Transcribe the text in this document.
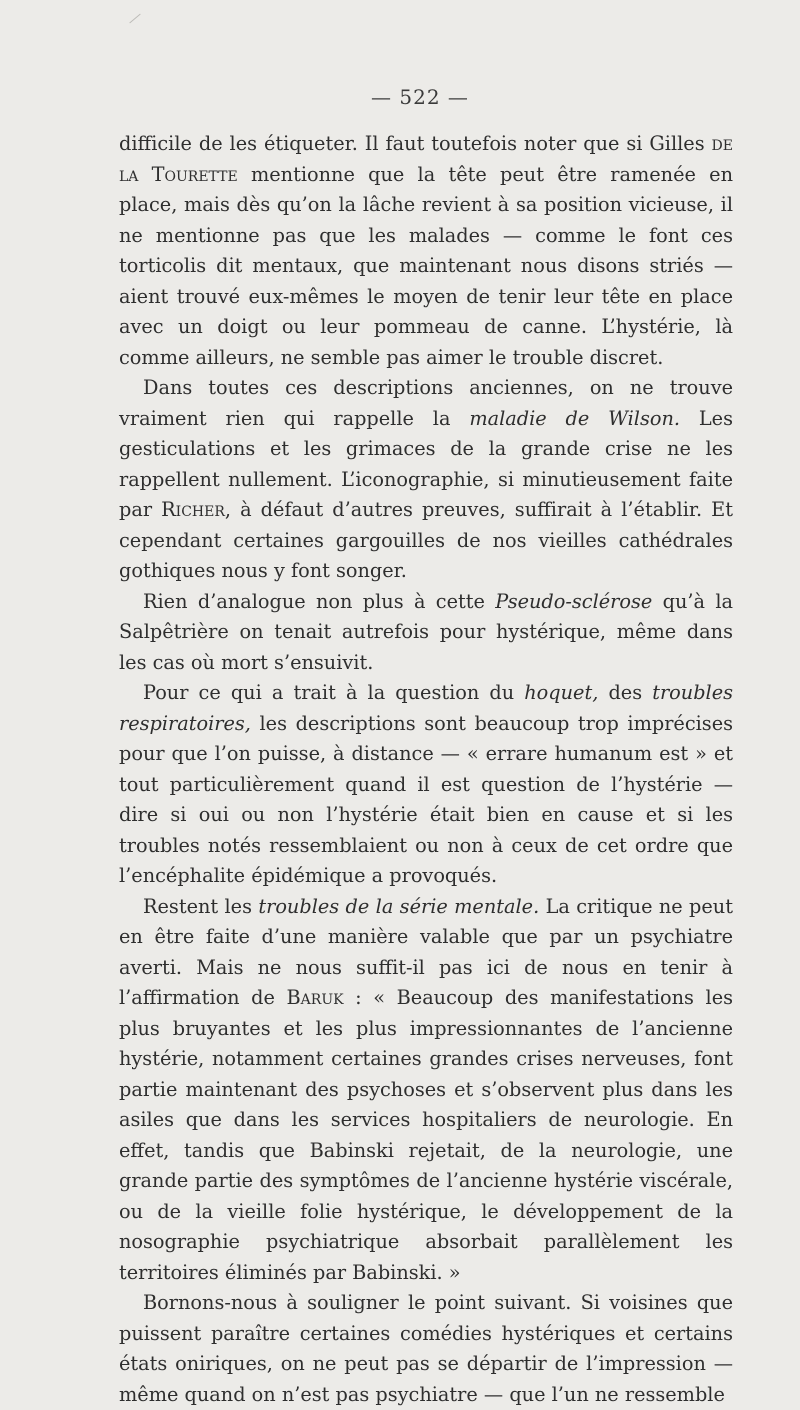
— 522 —

difficile de les étiqueter. Il faut toutefois noter que si Gilles de la Tourette mentionne que la tête peut être ramenée en place, mais dès qu’on la lâche revient à sa position vicieuse, il ne mentionne pas que les malades — comme le font ces torticolis dit mentaux, que maintenant nous disons striés — aient trouvé eux-mêmes le moyen de tenir leur tête en place avec un doigt ou leur pommeau de canne. L’hystérie, là comme ailleurs, ne semble pas aimer le trouble discret.

Dans toutes ces descriptions anciennes, on ne trouve vraiment rien qui rappelle la maladie de Wilson. Les gesticulations et les grimaces de la grande crise ne les rappellent nullement. L’iconographie, si minutieusement faite par Richer, à défaut d’autres preuves, suffirait à l’établir. Et cependant certaines gargouilles de nos vieilles cathédrales gothiques nous y font songer.

Rien d’analogue non plus à cette Pseudo-sclérose qu’à la Salpêtrière on tenait autrefois pour hystérique, même dans les cas où mort s’ensuivit.

Pour ce qui a trait à la question du hoquet, des troubles respiratoires, les descriptions sont beaucoup trop imprécises pour que l’on puisse, à distance — « errare humanum est » et tout particulièrement quand il est question de l’hystérie — dire si oui ou non l’hystérie était bien en cause et si les troubles notés ressemblaient ou non à ceux de cet ordre que l’encéphalite épidémique a provoqués.

Restent les troubles de la série mentale. La critique ne peut en être faite d’une manière valable que par un psychiatre averti. Mais ne nous suffit-il pas ici de nous en tenir à l’affirmation de Baruk : « Beaucoup des manifestations les plus bruyantes et les plus impressionnantes de l’ancienne hystérie, notamment certaines grandes crises nerveuses, font partie maintenant des psychoses et s’observent plus dans les asiles que dans les services hospitaliers de neurologie. En effet, tandis que Babinski rejetait, de la neurologie, une grande partie des symptômes de l’ancienne hystérie viscérale, ou de la vieille folie hystérique, le développement de la nosographie psychiatrique absorbait parallèlement les territoires éliminés par Babinski. »

Bornons-nous à souligner le point suivant. Si voisines que puissent paraître certaines comédies hystériques et certains états oniriques, on ne peut pas se départir de l’impression — même quand on n’est pas psychiatre — que l’un ne ressemble
